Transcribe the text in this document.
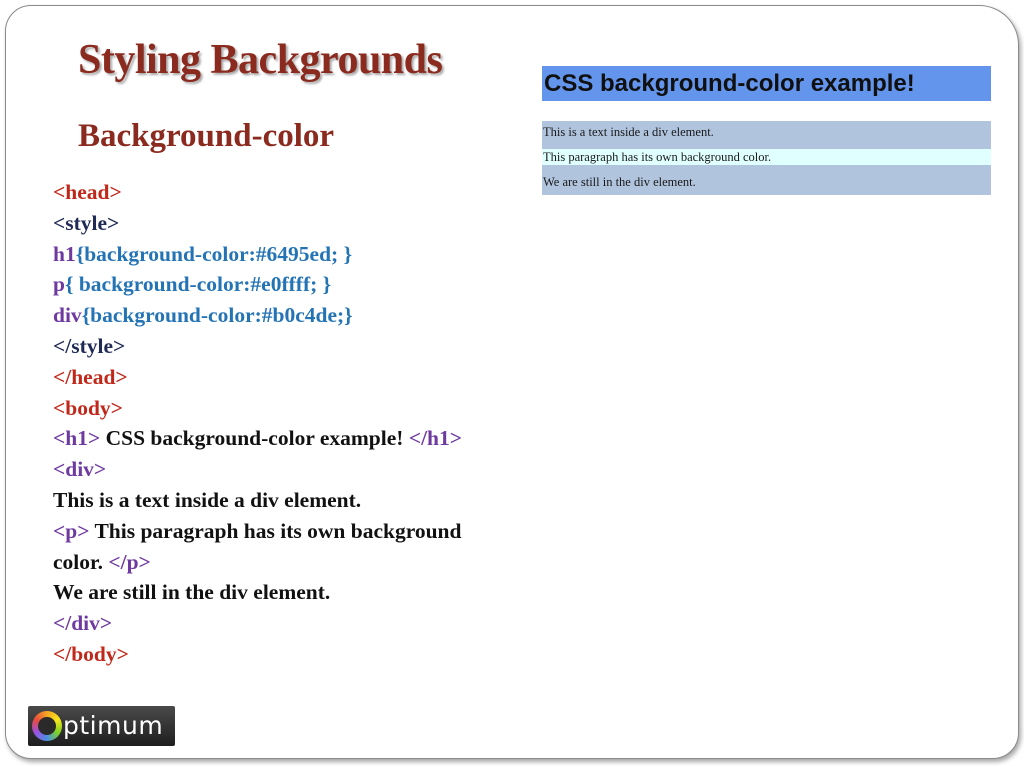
Styling Backgrounds
Background-color
<head>
<style>
h1{background-color:#6495ed; }
p{ background-color:#e0ffff; }
div{background-color:#b0c4de;}
</style>
</head>
<body>
<h1> CSS background-color example! </h1>
<div>
This is a text inside a div element.
<p> This paragraph has its own background
color. </p>
We are still in the div element.
</div>
</body>
CSS background-color example!
This is a text inside a div element.
This paragraph has its own background color.
We are still in the div element.
ptimum
